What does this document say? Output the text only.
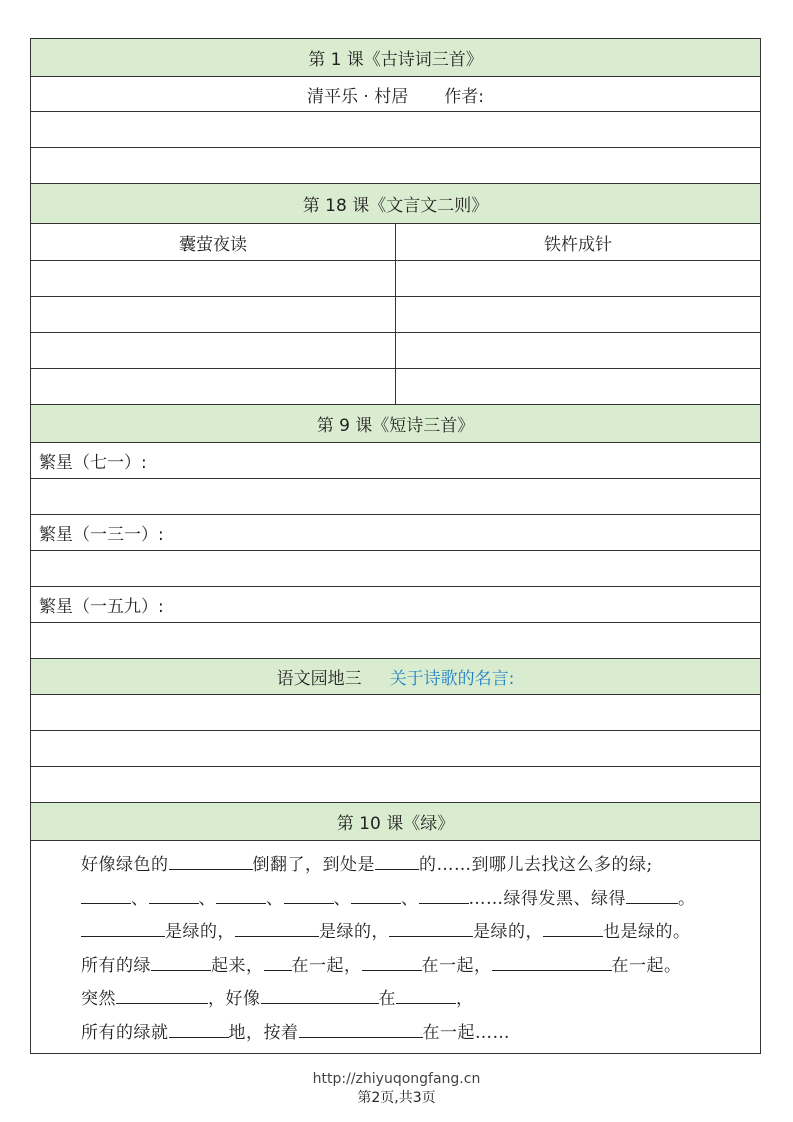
第 1 课《古诗词三首》
清平乐 · 村居 作者:
第 18 课《文言文二则》
囊萤夜读	铁杵成针
第 9 课《短诗三首》
繁星（七一）:
繁星（一三一）:
繁星（一五九）:
语文园地三 关于诗歌的名言:
第 10 课《绿》
好像绿色的	倒翻了，到处是	的……到哪儿去找这么多的绿;
、	、	、	、	、	……绿得发黑、绿得	。
是绿的，	是绿的，	是绿的，	也是绿的。
所有的绿	起来， 在一起，	在一起，	在一起。
突然	，好像	在	，
所有的绿就	地，按着	在一起……
http://zhiyuqongfang.cn
第2页,共3页
